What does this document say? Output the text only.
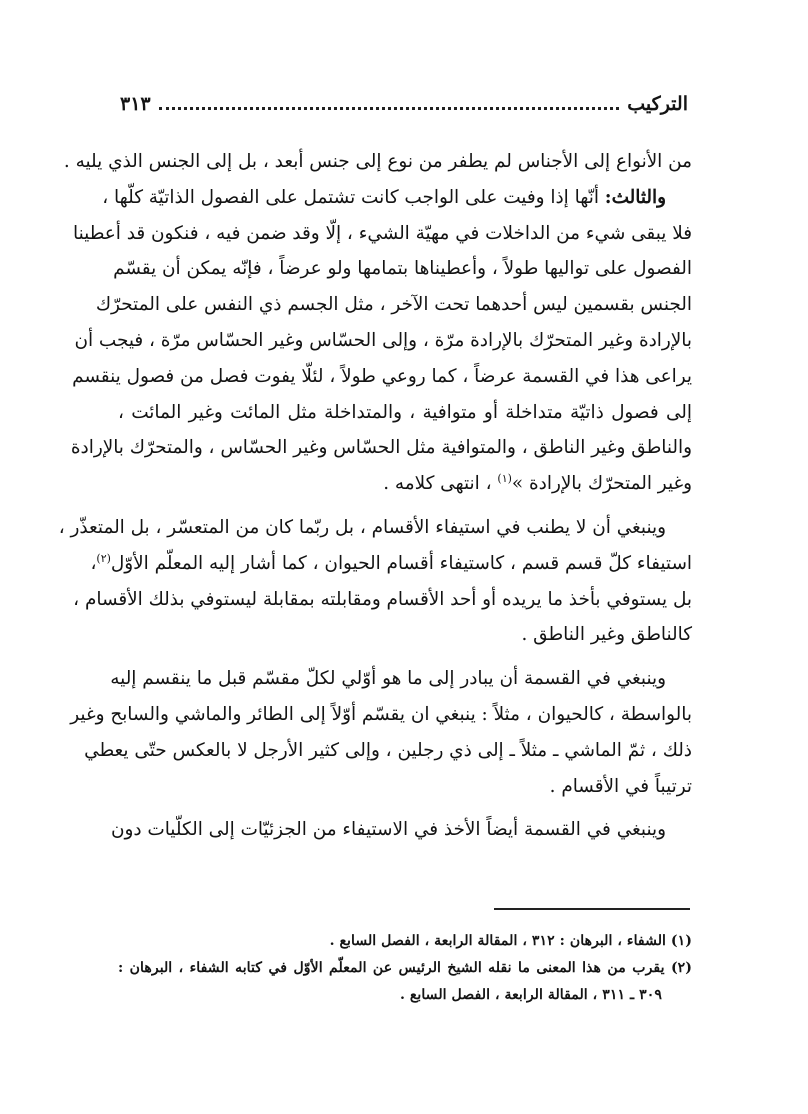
التركيب
٣١٣
من الأنواع إلى الأجناس لم يطفر من نوع إلى جنس أبعد ، بل إلى الجنس الذي يليه .
والثالث: أنّها إذا وفيت على الواجب كانت تشتمل على الفصول الذاتيّة كلّها ،
فلا يبقى شيء من الداخلات في مهيّة الشيء ، إلّا وقد ضمن فيه ، فنكون قد أعطينا
الفصول على تواليها طولاً ، وأعطيناها بتمامها ولو عرضاً ، فإنّه يمكن أن يقسّم
الجنس بقسمين ليس أحدهما تحت الآخر ، مثل الجسم ذي النفس على المتحرّك
بالإرادة وغير المتحرّك بالإرادة مرّة ، وإلى الحسّاس وغير الحسّاس مرّة ، فيجب أن
يراعى هذا في القسمة عرضاً ، كما روعي طولاً ، لئلّا يفوت فصل من فصول ينقسم
إلى فصول ذاتيّة متداخلة أو متوافية ، والمتداخلة مثل المائت وغير المائت ،
والناطق وغير الناطق ، والمتوافية مثل الحسّاس وغير الحسّاس ، والمتحرّك بالإرادة
وغير المتحرّك بالإرادة »$^{(١)}$ ، انتهى كلامه .
وينبغي أن لا يطنب في استيفاء الأقسام ، بل ربّما كان من المتعسّر ، بل المتعذّر ،
استيفاء كلّ قسم قسم ، كاستيفاء أقسام الحيوان ، كما أشار إليه المعلّم الأوّل$^{(٢)}$،
بل يستوفي بأخذ ما يريده أو أحد الأقسام ومقابلته بمقابلة ليستوفي بذلك الأقسام ،
كالناطق وغير الناطق .
وينبغي في القسمة أن يبادر إلى ما هو أوّلي لكلّ مقسّم قبل ما ينقسم إليه
بالواسطة ، كالحيوان ، مثلاً : ينبغي ان يقسّم أوّلاً إلى الطائر والماشي والسابح وغير
ذلك ، ثمّ الماشي ـ مثلاً ـ إلى ذي رجلين ، وإلى كثير الأرجل لا بالعكس حتّى يعطي
ترتيباً في الأقسام .
وينبغي في القسمة أيضاً الأخذ في الاستيفاء من الجزئيّات إلى الكلّيات دون
(١) الشفاء ، البرهان : ٣١٢ ، المقالة الرابعة ، الفصل السابع .
(٢) يقرب من هذا المعنى ما نقله الشيخ الرئيس عن المعلّم الأوّل في كتابه الشفاء ، البرهان :
٣٠٩ ـ ٣١١ ، المقالة الرابعة ، الفصل السابع .
